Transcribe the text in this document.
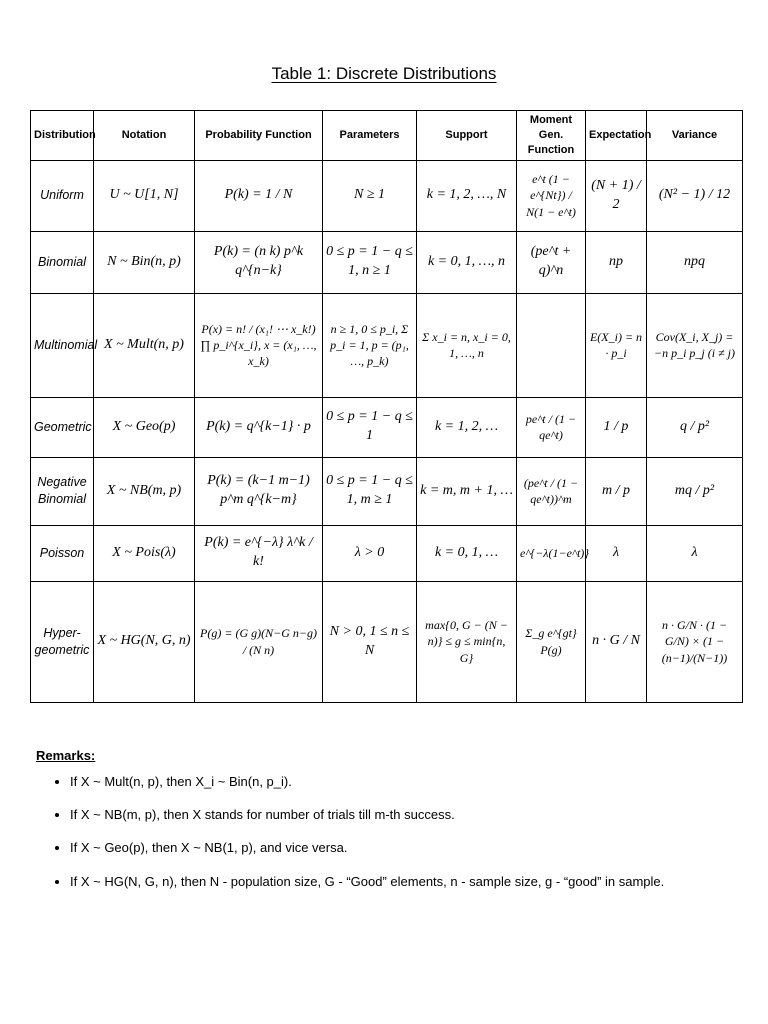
Table 1: Discrete Distributions
Distribution	Notation	Probability Function	Parameters	Support	Moment Gen. Function	Expectation	Variance
Uniform	U ~ U[1, N]	P(k) = 1 / N	N ≥ 1	k = 1, 2, …, N	e^t (1 − e^{Nt}) / N(1 − e^t)	(N + 1) / 2	(N² − 1) / 12
Binomial	N ~ Bin(n, p)	P(k) = (n k) p^k q^{n−k}	0 ≤ p = 1 − q ≤ 1, n ≥ 1	k = 0, 1, …, n	(pe^t + q)^n	np	npq
Multinomial	X ~ Mult(n, p)	P(x) = n! / (x₁! ⋯ x_k!) ∏ p_i^{x_i}, x = (x₁, …, x_k)	n ≥ 1, 0 ≤ p_i, Σ p_i = 1, p = (p₁, …, p_k)	Σ x_i = n, x_i = 0, 1, …, n		E(X_i) = n · p_i	Cov(X_i, X_j) = −n p_i p_j (i ≠ j)
Geometric	X ~ Geo(p)	P(k) = q^{k−1} · p	0 ≤ p = 1 − q ≤ 1	k = 1, 2, …	pe^t / (1 − qe^t)	1 / p	q / p²
Negative Binomial	X ~ NB(m, p)	P(k) = (k−1 m−1) p^m q^{k−m}	0 ≤ p = 1 − q ≤ 1, m ≥ 1	k = m, m + 1, …	(pe^t / (1 − qe^t))^m	m / p	mq / p²
Poisson	X ~ Pois(λ)	P(k) = e^{−λ} λ^k / k!	λ > 0	k = 0, 1, …	e^{−λ(1−e^t)}	λ	λ
Hyper-geometric	X ~ HG(N, G, n)	P(g) = (G g)(N−G n−g) / (N n)	N > 0, 1 ≤ n ≤ N	max{0, G − (N − n)} ≤ g ≤ min{n, G}	Σ_g e^{gt} P(g)	n · G / N	n · G/N · (1 − G/N) × (1 − (n−1)/(N−1))
Remarks:
• If X ~ Mult(n, p), then X_i ~ Bin(n, p_i).
• If X ~ NB(m, p), then X stands for number of trials till m-th success.
• If X ~ Geo(p), then X ~ NB(1, p), and vice versa.
• If X ~ HG(N, G, n), then N - population size, G - “Good” elements, n - sample size, g - “good” in sample.
